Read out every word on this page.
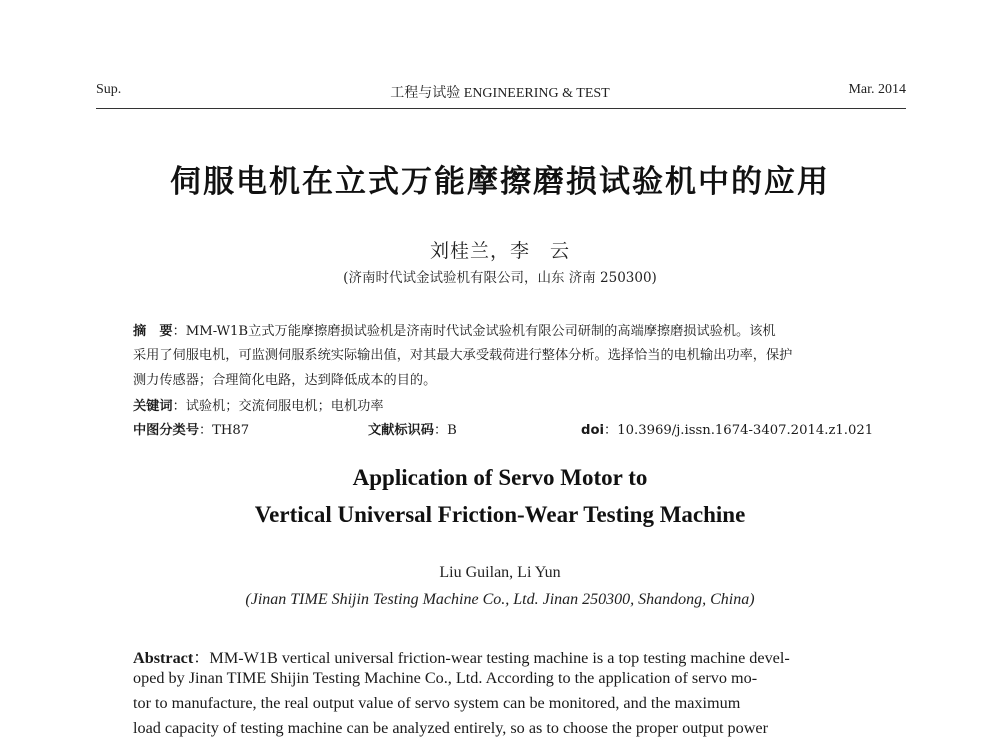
Sup.	工程与试验 ENGINEERING & TEST	Mar. 2014
伺服电机在立式万能摩擦磨损试验机中的应用
刘桂兰，李　云
(济南时代试金试验机有限公司，山东 济南 250300)
摘　要：MM-W1B立式万能摩擦磨损试验机是济南时代试金试验机有限公司研制的高端摩擦磨损试验机。该机
采用了伺服电机，可监测伺服系统实际输出值，对其最大承受载荷进行整体分析。选择恰当的电机输出功率，保护
测力传感器；合理简化电路，达到降低成本的目的。
关键词：试验机；交流伺服电机；电机功率
中图分类号：TH87	文献标识码：B	doi：10.3969/j.issn.1674-3407.2014.z1.021
Application of Servo Motor to
Vertical Universal Friction-Wear Testing Machine
Liu Guilan, Li Yun
(Jinan TIME Shijin Testing Machine Co., Ltd. Jinan 250300, Shandong, China)
Abstract：MM-W1B vertical universal friction-wear testing machine is a top testing machine devel-
oped by Jinan TIME Shijin Testing Machine Co., Ltd. According to the application of servo mo-
tor to manufacture, the real output value of servo system can be monitored, and the maximum
load capacity of testing machine can be analyzed entirely, so as to choose the proper output power
